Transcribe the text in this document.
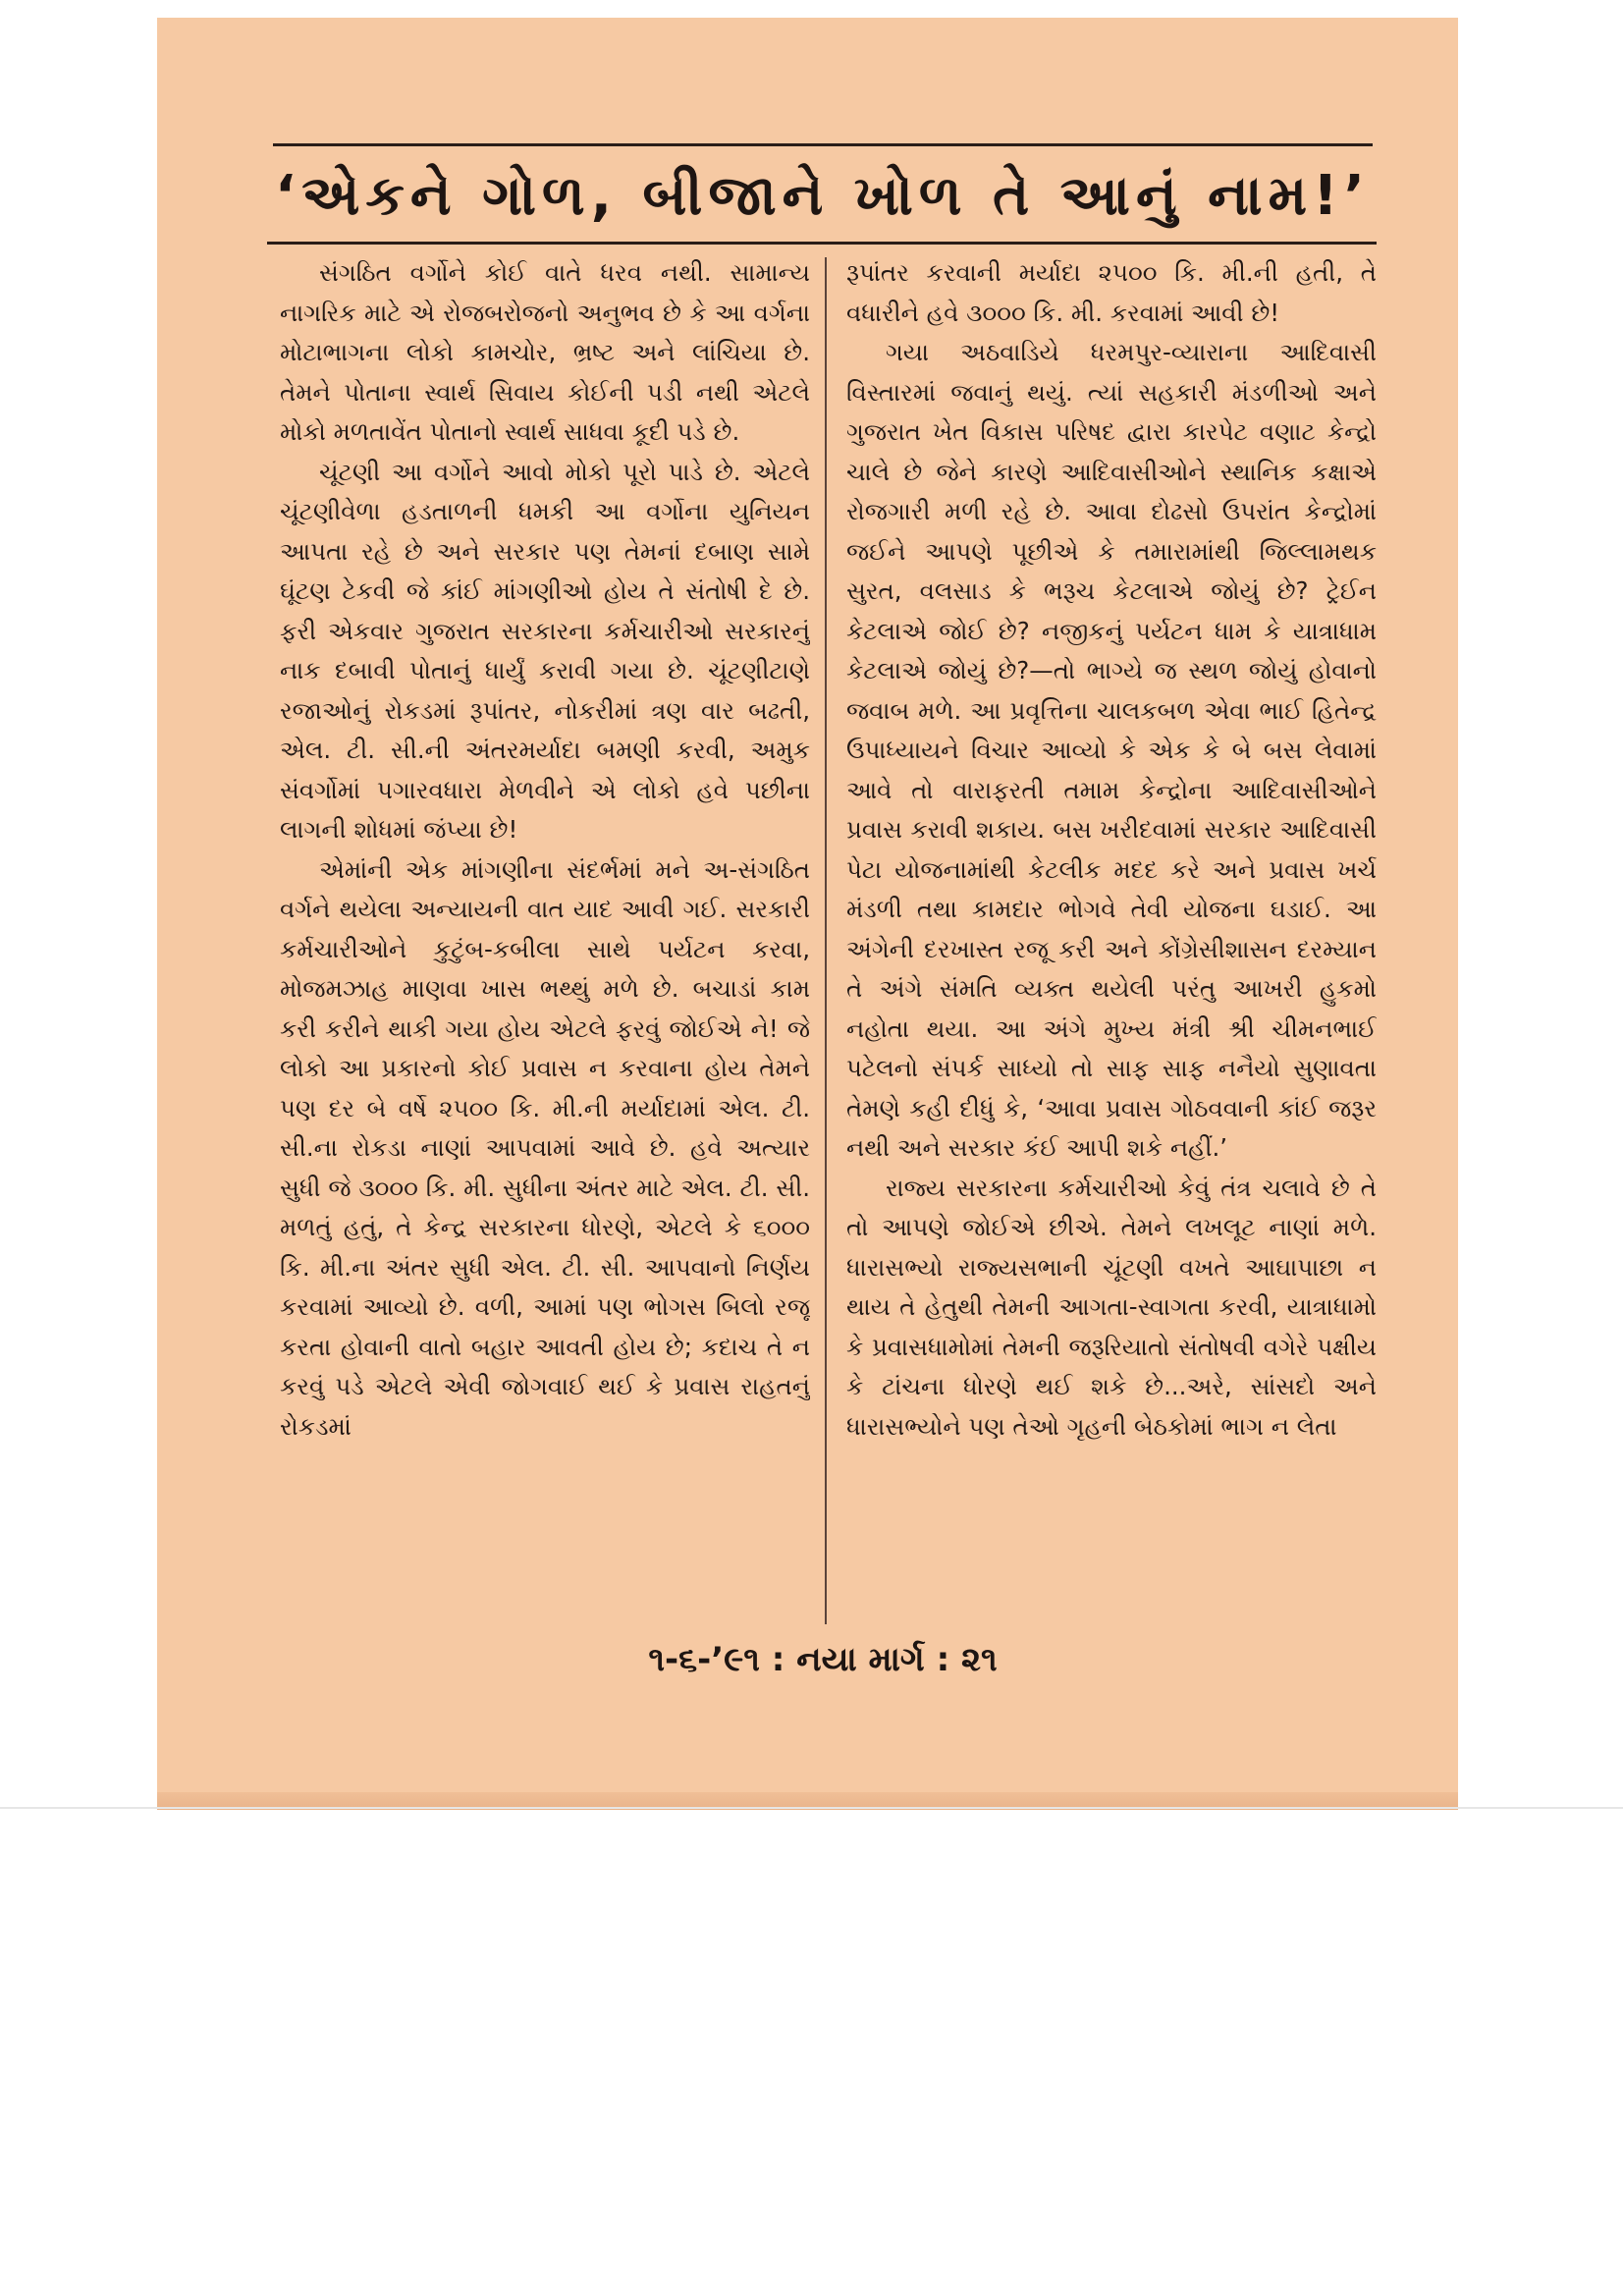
‘એકને ગોળ, બીજાને ખોળ તે આનું નામ!’

સંગઠિત વર્ગોને કોઈ વાતે ધરવ નથી. સામાન્ય નાગરિક માટે એ રોજબરોજનો અનુભવ છે કે આ વર્ગના મોટાભાગના લોકો કામચોર, ભ્રષ્ટ અને લાંચિયા છે. તેમને પોતાના સ્વાર્થ સિવાય કોઈની પડી નથી એટલે મોકો મળતાવેંત પોતાનો સ્વાર્થ સાધવા કૂદી પડે છે.

ચૂંટણી આ વર્ગોને આવો મોકો પૂરો પાડે છે. એટલે ચૂંટણીવેળા હડતાળની ધમકી આ વર્ગોના યુનિયન આપતા રહે છે અને સરકાર પણ તેમનાં દબાણ સામે ઘૂંટણ ટેકવી જે કાંઈ માંગણીઓ હોય તે સંતોષી દે છે. ફરી એકવાર ગુજરાત સરકારના કર્મચારીઓ સરકારનું નાક દબાવી પોતાનું ધાર્યું કરાવી ગયા છે. ચૂંટણીટાણે રજાઓનું રોકડમાં રૂપાંતર, નોકરીમાં ત્રણ વાર બઢતી, એલ. ટી. સી.ની અંતરમર્યાદા બમણી કરવી, અમુક સંવર્ગોમાં પગારવધારા મેળવીને એ લોકો હવે પછીના લાગની શોધમાં જંપ્યા છે!

એમાંની એક માંગણીના સંદર્ભમાં મને અ-સંગઠિત વર્ગને થયેલા અન્યાયની વાત યાદ આવી ગઈ. સરકારી કર્મચારીઓને કુટુંબ-કબીલા સાથે પર્યટન કરવા, મોજમઝાહ માણવા ખાસ ભથ્થું મળે છે. બચાડાં કામ કરી કરીને થાકી ગયા હોય એટલે ફરવું જોઈએ ને! જે લોકો આ પ્રકારનો કોઈ પ્રવાસ ન કરવાના હોય તેમને પણ દર બે વર્ષે ૨૫૦૦ કિ. મી.ની મર્યાદામાં એલ. ટી. સી.ના રોકડા નાણાં આપવામાં આવે છે. હવે અત્યાર સુધી જે ૩૦૦૦ કિ. મી. સુધીના અંતર માટે એલ. ટી. સી. મળતું હતું, તે કેન્દ્ર સરકારના ધોરણે, એટલે કે ૬૦૦૦ કિ. મી.ના અંતર સુધી એલ. ટી. સી. આપવાનો નિર્ણય કરવામાં આવ્યો છે. વળી, આમાં પણ ભોગસ બિલો રજૂ કરતા હોવાની વાતો બહાર આવતી હોય છે; કદાચ તે ન કરવું પડે એટલે એવી જોગવાઈ થઈ કે પ્રવાસ રાહતનું રોકડમાં

રૂપાંતર કરવાની મર્યાદા ૨૫૦૦ કિ. મી.ની હતી, તે વધારીને હવે ૩૦૦૦ કિ. મી. કરવામાં આવી છે!

ગયા અઠવાડિયે ધરમપુર-વ્યારાના આદિવાસી વિસ્તારમાં જવાનું થયું. ત્યાં સહકારી મંડળીઓ અને ગુજરાત ખેત વિકાસ પરિષદ દ્વારા કારપેટ વણાટ કેન્દ્રો ચાલે છે જેને કારણે આદિવાસીઓને સ્થાનિક કક્ષાએ રોજગારી મળી રહે છે. આવા દોઢસો ઉપરાંત કેન્દ્રોમાં જઈને આપણે પૂછીએ કે તમારામાંથી જિલ્લામથક સુરત, વલસાડ કે ભરૂચ કેટલાએ જોયું છે? ટ્રેઈન કેટલાએ જોઈ છે? નજીકનું પર્યટન ધામ કે યાત્રાધામ કેટલાએ જોયું છે?—તો ભાગ્યે જ સ્થળ જોયું હોવાનો જવાબ મળે. આ પ્રવૃત્તિના ચાલકબળ એવા ભાઈ હિતેન્દ્ર ઉપાધ્યાયને વિચાર આવ્યો કે એક કે બે બસ લેવામાં આવે તો વારાફરતી તમામ કેન્દ્રોના આદિવાસીઓને પ્રવાસ કરાવી શકાય. બસ ખરીદવામાં સરકાર આદિવાસી પેટા યોજનામાંથી કેટલીક મદદ કરે અને પ્રવાસ ખર્ચ મંડળી તથા કામદાર ભોગવે તેવી યોજના ઘડાઈ. આ અંગેની દરખાસ્ત રજૂ કરી અને કોંગ્રેસીશાસન દરમ્યાન તે અંગે સંમતિ વ્યક્ત થયેલી પરંતુ આખરી હુકમો નહોતા થયા. આ અંગે મુખ્ય મંત્રી શ્રી ચીમનભાઈ પટેલનો સંપર્ક સાધ્યો તો સાફ સાફ નનૈયો સુણાવતા તેમણે કહી દીધું કે, ‘આવા પ્રવાસ ગોઠવવાની કાંઈ જરૂર નથી અને સરકાર કંઈ આપી શકે નહીં.’

રાજ્ય સરકારના કર્મચારીઓ કેવું તંત્ર ચલાવે છે તે તો આપણે જોઈએ છીએ. તેમને લખલૂટ નાણાં મળે. ધારાસભ્યો રાજ્યસભાની ચૂંટણી વખતે આઘાપાછા ન થાય તે હેતુથી તેમની આગતા-સ્વાગતા કરવી, યાત્રાધામો કે પ્રવાસધામોમાં તેમની જરૂરિયાતો સંતોષવી વગેરે પક્ષીય કે ટાંચના ધોરણે થઈ શકે છે...અરે, સાંસદો અને ધારાસભ્યોને પણ તેઓ ગૃહની બેઠકોમાં ભાગ ન લેતા

૧-૬-’૯૧ : નયા માર્ગ : ૨૧
